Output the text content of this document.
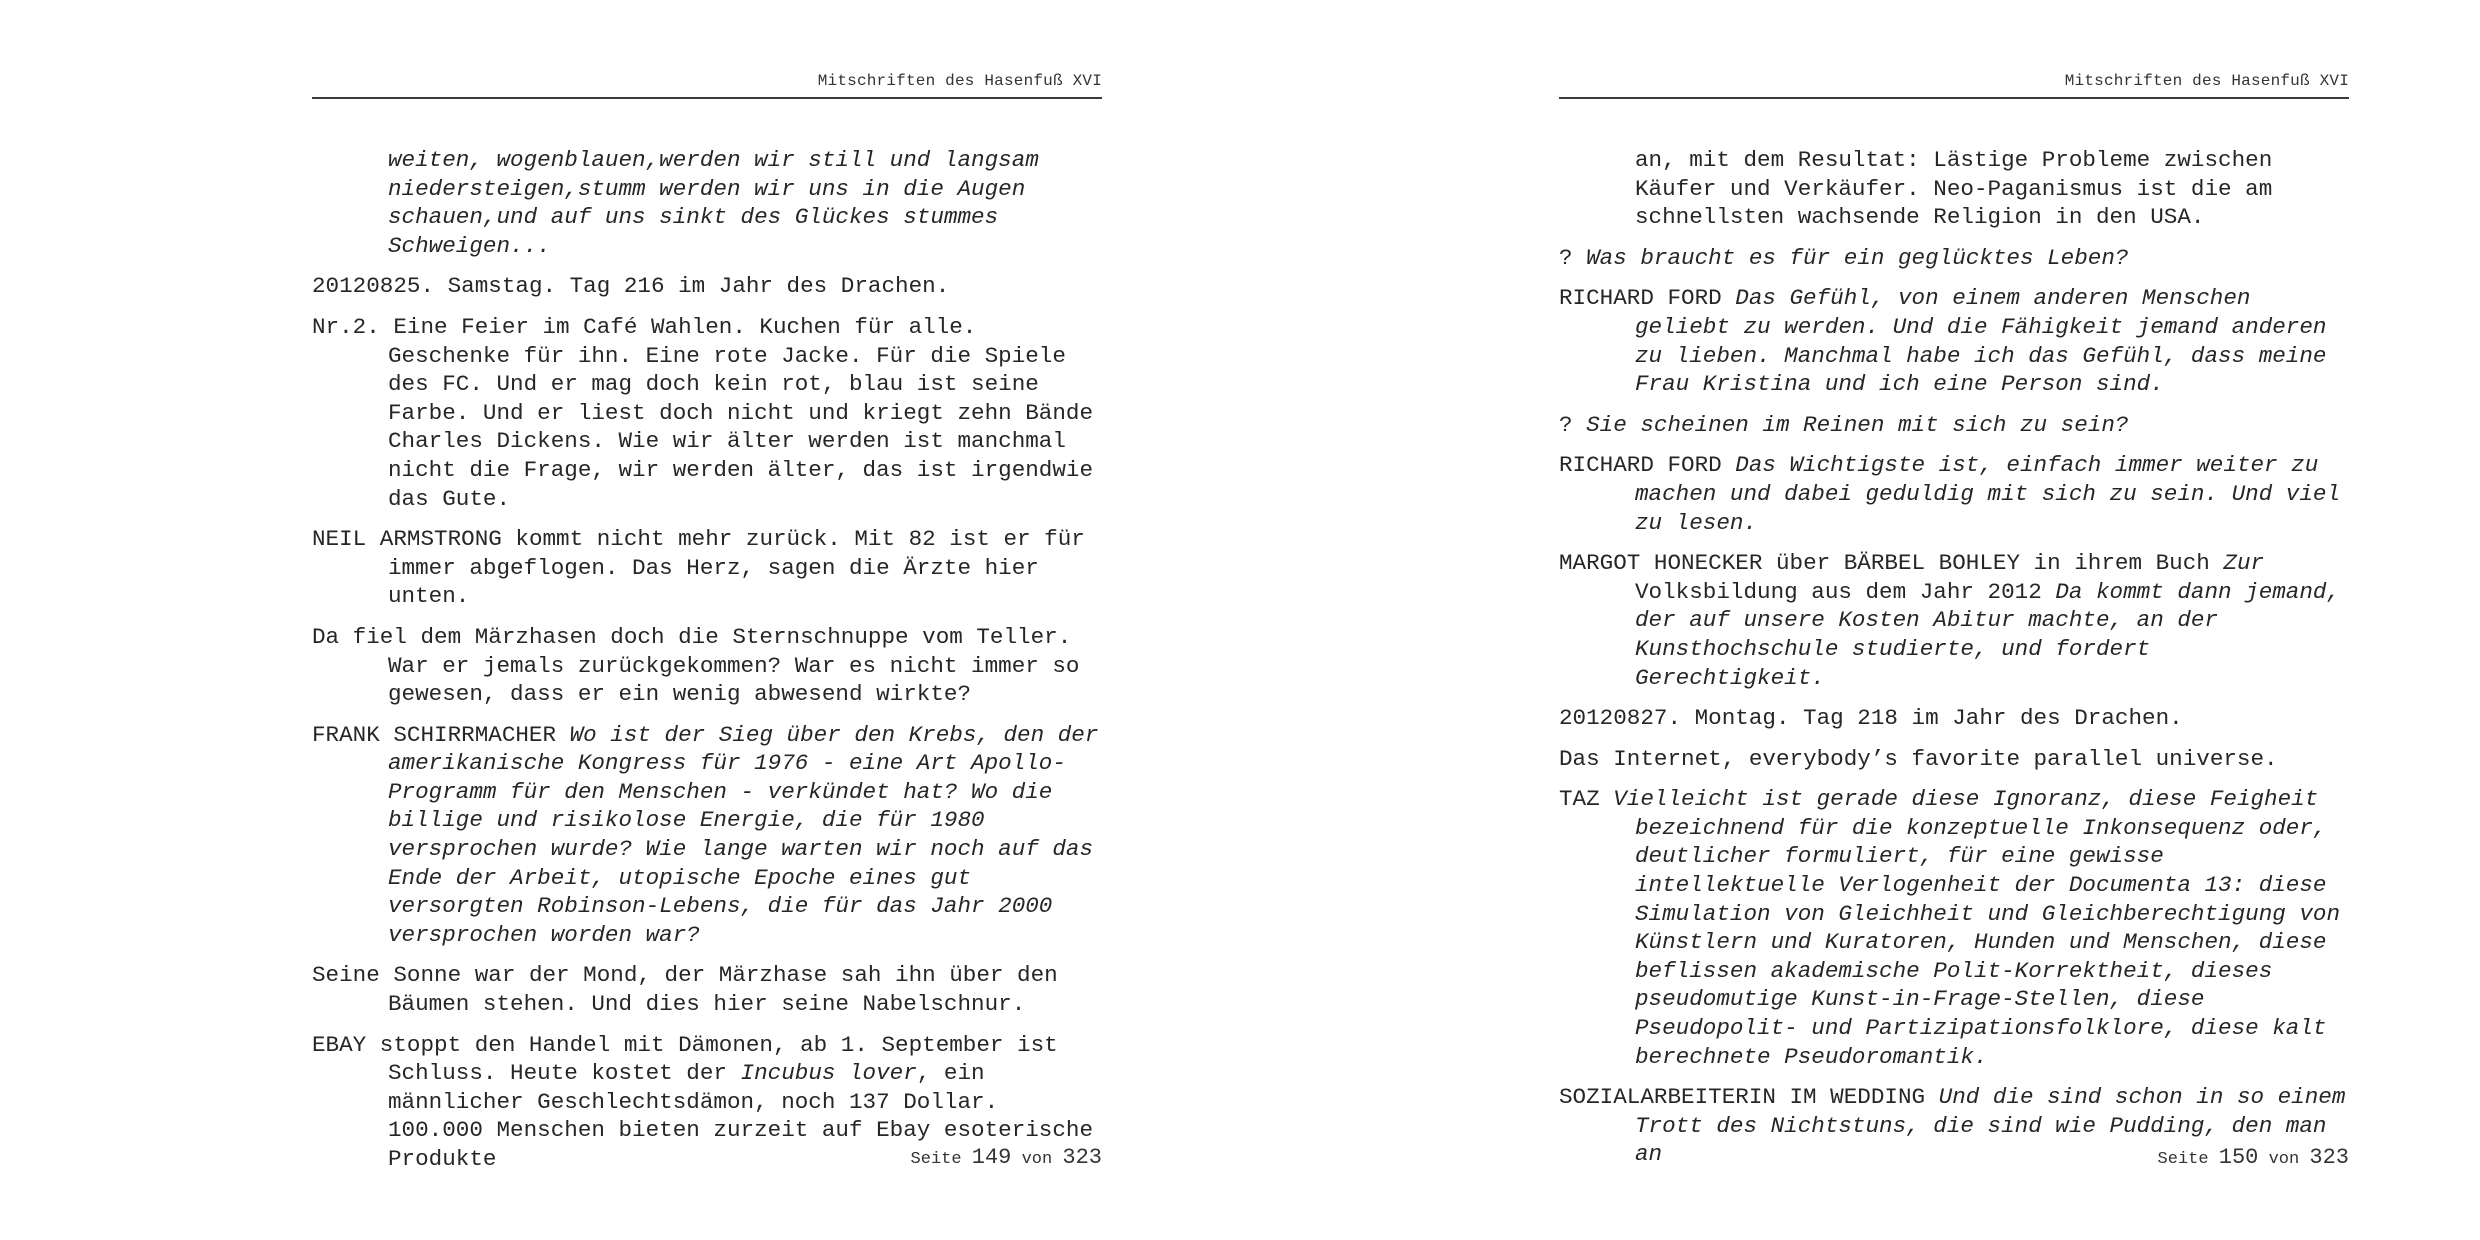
Mitschriften des Hasenfuß XVI

weiten, wogenblauen,werden wir still und langsam niedersteigen,stumm werden wir uns in die Augen schauen,und auf uns sinkt des Glückes stummes Schweigen...

20120825. Samstag. Tag 216 im Jahr des Drachen.

Nr.2. Eine Feier im Café Wahlen. Kuchen für alle. Geschenke für ihn. Eine rote Jacke. Für die Spiele des FC. Und er mag doch kein rot, blau ist seine Farbe. Und er liest doch nicht und kriegt zehn Bände Charles Dickens. Wie wir älter werden ist manchmal nicht die Frage, wir werden älter, das ist irgendwie das Gute.

NEIL ARMSTRONG kommt nicht mehr zurück. Mit 82 ist er für immer abgeflogen. Das Herz, sagen die Ärzte hier unten.

Da fiel dem Märzhasen doch die Sternschnuppe vom Teller. War er jemals zurückgekommen? War es nicht immer so gewesen, dass er ein wenig abwesend wirkte?

FRANK SCHIRRMACHER Wo ist der Sieg über den Krebs, den der amerikanische Kongress für 1976 - eine Art Apollo-Programm für den Menschen - verkündet hat? Wo die billige und risikolose Energie, die für 1980 versprochen wurde? Wie lange warten wir noch auf das Ende der Arbeit, utopische Epoche eines gut versorgten Robinson-Lebens, die für das Jahr 2000 versprochen worden war?

Seine Sonne war der Mond, der Märzhase sah ihn über den Bäumen stehen. Und dies hier seine Nabelschnur.

EBAY stoppt den Handel mit Dämonen, ab 1. September ist Schluss. Heute kostet der Incubus lover, ein männlicher Geschlechtsdämon, noch 137 Dollar. 100.000 Menschen bieten zurzeit auf Ebay esoterische Produkte	Seite 149 von 323
Mitschriften des Hasenfuß XVI

an, mit dem Resultat: Lästige Probleme zwischen Käufer und Verkäufer. Neo-Paganismus ist die am schnellsten wachsende Religion in den USA.

? Was braucht es für ein geglücktes Leben?

RICHARD FORD Das Gefühl, von einem anderen Menschen geliebt zu werden. Und die Fähigkeit jemand anderen zu lieben. Manchmal habe ich das Gefühl, dass meine Frau Kristina und ich eine Person sind.

? Sie scheinen im Reinen mit sich zu sein?

RICHARD FORD Das Wichtigste ist, einfach immer weiter zu machen und dabei geduldig mit sich zu sein. Und viel zu lesen.

MARGOT HONECKER über BÄRBEL BOHLEY in ihrem Buch Zur Volksbildung aus dem Jahr 2012 Da kommt dann jemand, der auf unsere Kosten Abitur machte, an der Kunsthochschule studierte, und fordert Gerechtigkeit.

20120827. Montag. Tag 218 im Jahr des Drachen.

Das Internet, everybody’s favorite parallel universe.

TAZ Vielleicht ist gerade diese Ignoranz, diese Feigheit bezeichnend für die konzeptuelle Inkonsequenz oder, deutlicher formuliert, für eine gewisse intellektuelle Verlogenheit der Documenta 13: diese Simulation von Gleichheit und Gleichberechtigung von Künstlern und Kuratoren, Hunden und Menschen, diese beflissen akademische Polit-Korrektheit, dieses pseudomutige Kunst-in-Frage-Stellen, diese Pseudopolit- und Partizipationsfolklore, diese kalt berechnete Pseudoromantik.

SOZIALARBEITERIN IM WEDDING Und die sind schon in so einem Trott des Nichtstuns, die sind wie Pudding, den man an	Seite 150 von 323
